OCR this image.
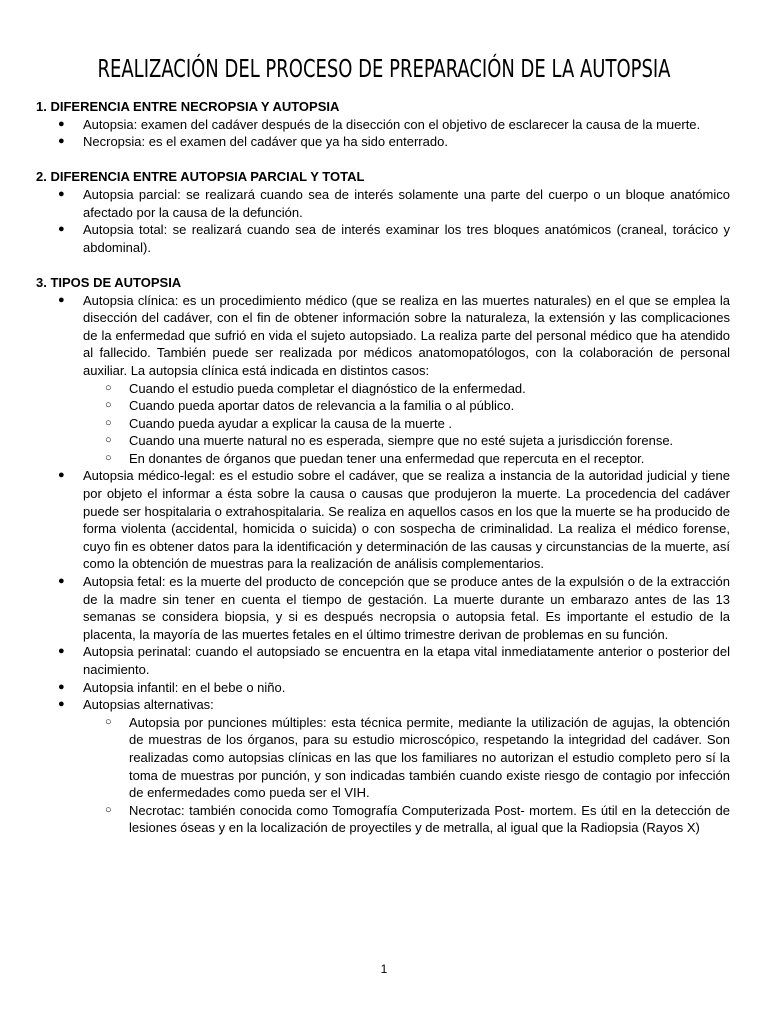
REALIZACIÓN DEL PROCESO DE PREPARACIÓN DE LA AUTOPSIA
1. DIFERENCIA ENTRE NECROPSIA Y AUTOPSIA
● Autopsia: examen del cadáver después de la disección con el objetivo de esclarecer la causa de la muerte.
● Necropsia: es el examen del cadáver que ya ha sido enterrado.
2. DIFERENCIA ENTRE AUTOPSIA PARCIAL Y TOTAL
● Autopsia parcial: se realizará cuando sea de interés solamente una parte del cuerpo o un bloque anatómico afectado por la causa de la defunción.
● Autopsia total: se realizará cuando sea de interés examinar los tres bloques anatómicos (craneal, torácico y abdominal).
3. TIPOS DE AUTOPSIA
● Autopsia clínica: es un procedimiento médico (que se realiza en las muertes naturales) en el que se emplea la disección del cadáver, con el fin de obtener información sobre la naturaleza, la extensión y las complicaciones de la enfermedad que sufrió en vida el sujeto autopsiado. La realiza parte del personal médico que ha atendido al fallecido. También puede ser realizada por médicos anatomopatólogos, con la colaboración de personal auxiliar. La autopsia clínica está indicada en distintos casos:
○ Cuando el estudio pueda completar el diagnóstico de la enfermedad.
○ Cuando pueda aportar datos de relevancia a la familia o al público.
○ Cuando pueda ayudar a explicar la causa de la muerte .
○ Cuando una muerte natural no es esperada, siempre que no esté sujeta a jurisdicción forense.
○ En donantes de órganos que puedan tener una enfermedad que repercuta en el receptor.
● Autopsia médico-legal: es el estudio sobre el cadáver, que se realiza a instancia de la autoridad judicial y tiene por objeto el informar a ésta sobre la causa o causas que produjeron la muerte. La procedencia del cadáver puede ser hospitalaria o extrahospitalaria. Se realiza en aquellos casos en los que la muerte se ha producido de forma violenta (accidental, homicida o suicida) o con sospecha de criminalidad. La realiza el médico forense, cuyo fin es obtener datos para la identificación y determinación de las causas y circunstancias de la muerte, así como la obtención de muestras para la realización de análisis complementarios.
● Autopsia fetal: es la muerte del producto de concepción que se produce antes de la expulsión o de la extracción de la madre sin tener en cuenta el tiempo de gestación. La muerte durante un embarazo antes de las 13 semanas se considera biopsia, y si es después necropsia o autopsia fetal. Es importante el estudio de la placenta, la mayoría de las muertes fetales en el último trimestre derivan de problemas en su función.
● Autopsia perinatal: cuando el autopsiado se encuentra en la etapa vital inmediatamente anterior o posterior del nacimiento.
● Autopsia infantil: en el bebe o niño.
● Autopsias alternativas:
○ Autopsia por punciones múltiples: esta técnica permite, mediante la utilización de agujas, la obtención de muestras de los órganos, para su estudio microscópico, respetando la integridad del cadáver. Son realizadas como autopsias clínicas en las que los familiares no autorizan el estudio completo pero sí la toma de muestras por punción, y son indicadas también cuando existe riesgo de contagio por infección de enfermedades como pueda ser el VIH.
○ Necrotac: también conocida como Tomografía Computerizada Post- mortem. Es útil en la detección de lesiones óseas y en la localización de proyectiles y de metralla, al igual que la Radiopsia (Rayos X)
1
